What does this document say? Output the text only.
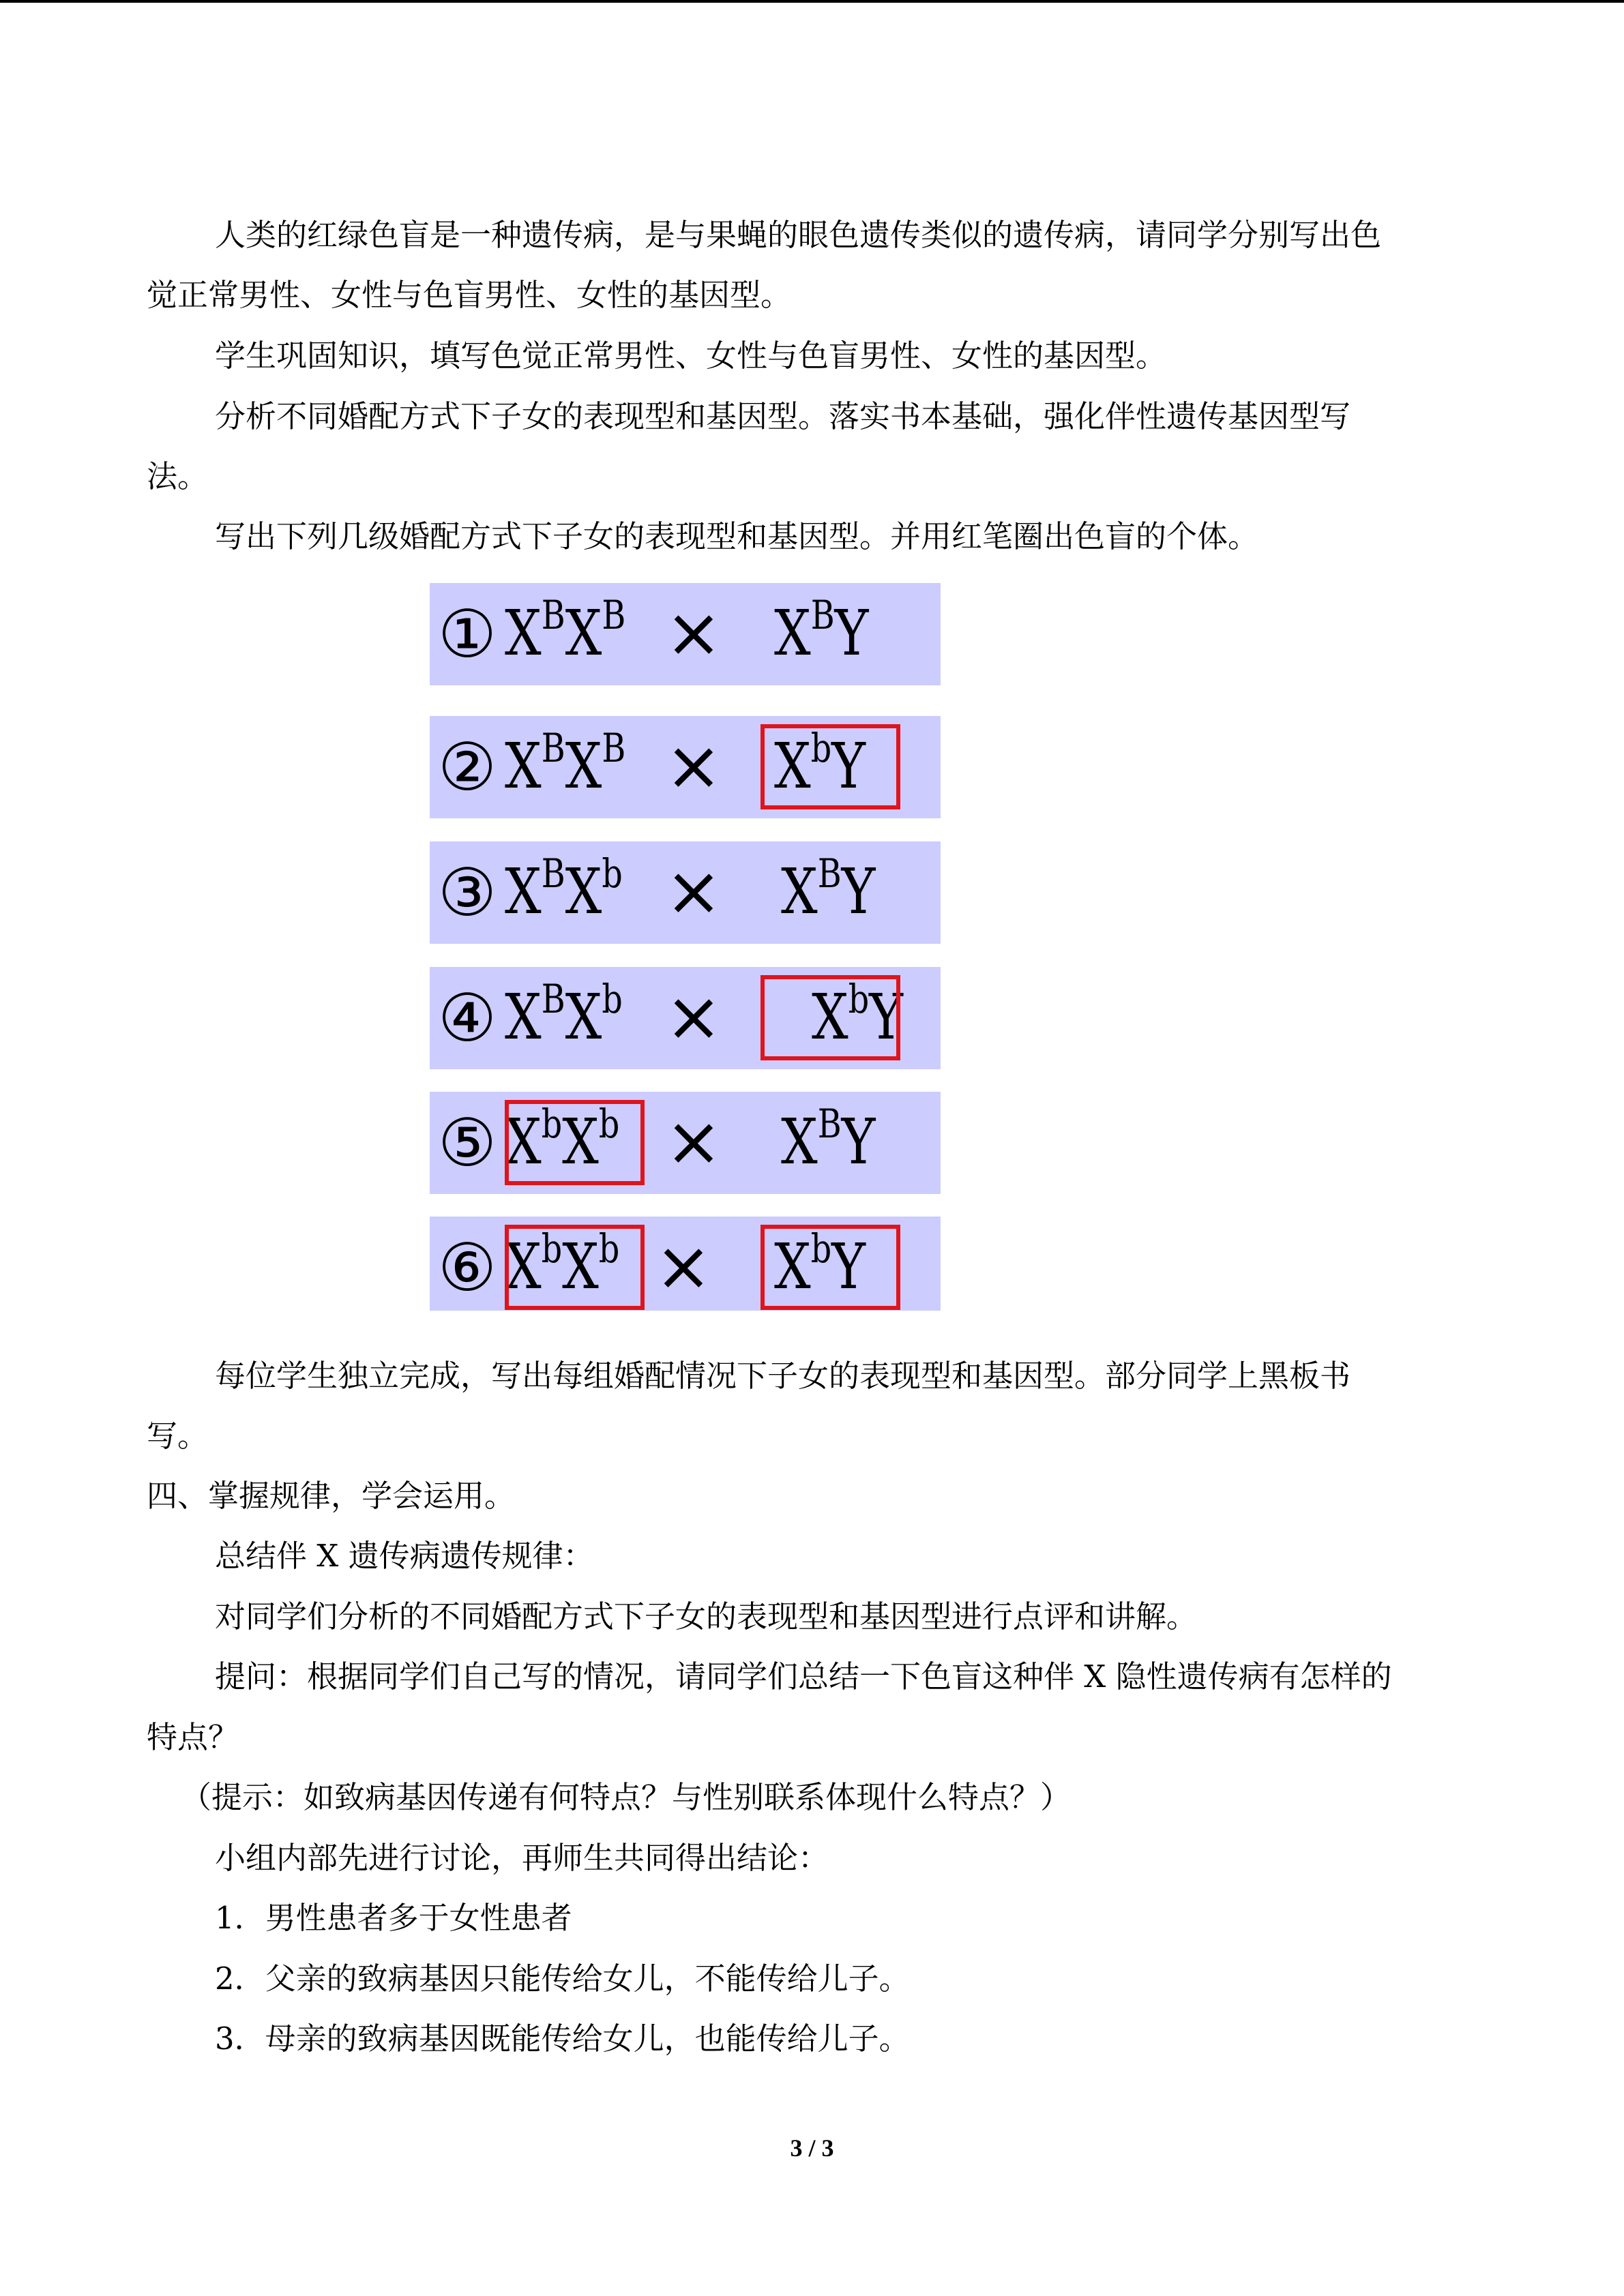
人类的红绿色盲是一种遗传病，是与果蝇的眼色遗传类似的遗传病，请同学分别写出色
觉正常男性、女性与色盲男性、女性的基因型。
学生巩固知识，填写色觉正常男性、女性与色盲男性、女性的基因型。
分析不同婚配方式下子女的表现型和基因型。落实书本基础，强化伴性遗传基因型写
法。
写出下列几级婚配方式下子女的表现型和基因型。并用红笔圈出色盲的个体。
① $X^BX^B \times X^BY$
② $X^BX^B \times X^bY$
③ $X^BX^b \times X^BY$
④ $X^BX^b \times X^bY$
⑤ $X^bX^b \times X^BY$
⑥ $X^bX^b \times X^bY$
每位学生独立完成，写出每组婚配情况下子女的表现型和基因型。部分同学上黑板书
写。
四、掌握规律，学会运用。
总结伴 X 遗传病遗传规律：
对同学们分析的不同婚配方式下子女的表现型和基因型进行点评和讲解。
提问：根据同学们自己写的情况，请同学们总结一下色盲这种伴 X 隐性遗传病有怎样的
特点？
（提示：如致病基因传递有何特点？与性别联系体现什么特点？）
小组内部先进行讨论，再师生共同得出结论：
1．男性患者多于女性患者
2．父亲的致病基因只能传给女儿，不能传给儿子。
3．母亲的致病基因既能传给女儿，也能传给儿子。
3 / 3
